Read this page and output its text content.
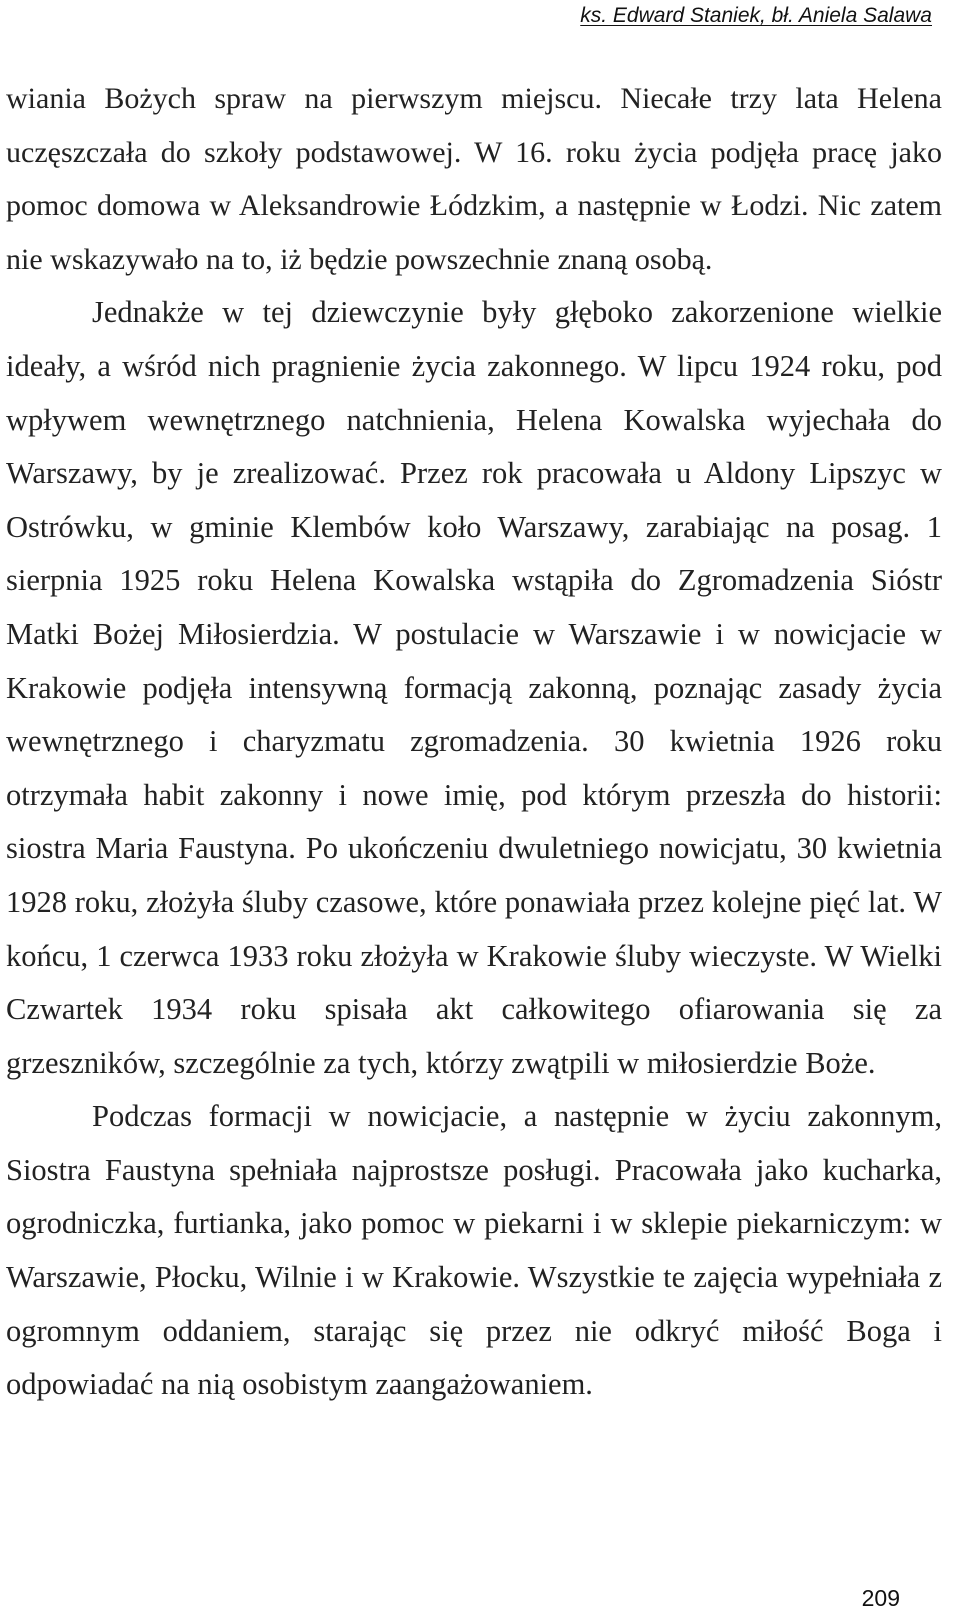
ks. Edward Staniek, bł. Aniela Salawa

wiania Bożych spraw na pierwszym miejscu. Niecałe trzy lata Helena uczęszczała do szkoły podstawowej. W 16. roku życia podjęła pracę jako pomoc domowa w Aleksandrowie Łódzkim, a następnie w Łodzi. Nic zatem nie wskazywało na to, iż będzie powszechnie znaną osobą.

Jednakże w tej dziewczynie były głęboko zakorzenione wielkie ideały, a wśród nich pragnienie życia zakonnego. W lipcu 1924 roku, pod wpływem wewnętrznego natchnienia, Helena Kowalska wyjechała do Warszawy, by je zrealizować. Przez rok pracowała u Aldony Lipszyc w Ostrówku, w gminie Klembów koło Warszawy, zarabiając na posag. 1 sierpnia 1925 roku Helena Kowalska wstąpiła do Zgromadzenia Sióstr Matki Bożej Miłosierdzia. W postulacie w Warszawie i w nowicjacie w Krakowie podjęła intensywną formacją zakonną, poznając zasady życia wewnętrznego i charyzmatu zgromadzenia. 30 kwietnia 1926 roku otrzymała habit zakonny i nowe imię, pod którym przeszła do historii: siostra Maria Faustyna. Po ukończeniu dwuletniego nowicjatu, 30 kwietnia 1928 roku, złożyła śluby czasowe, które ponawiała przez kolejne pięć lat. W końcu, 1 czerwca 1933 roku złożyła w Krakowie śluby wieczyste. W Wielki Czwartek 1934 roku spisała akt całkowitego ofiarowania się za grzeszników, szczególnie za tych, którzy zwątpili w miłosierdzie Boże.

Podczas formacji w nowicjacie, a następnie w życiu zakonnym, Siostra Faustyna spełniała najprostsze posługi. Pracowała jako kucharka, ogrodniczka, furtianka, jako pomoc w piekarni i w sklepie piekarniczym: w Warszawie, Płocku, Wilnie i w Krakowie. Wszystkie te zajęcia wypełniała z ogromnym oddaniem, starając się przez nie odkryć miłość Boga i odpowiadać na nią osobistym zaangażowaniem.

209
